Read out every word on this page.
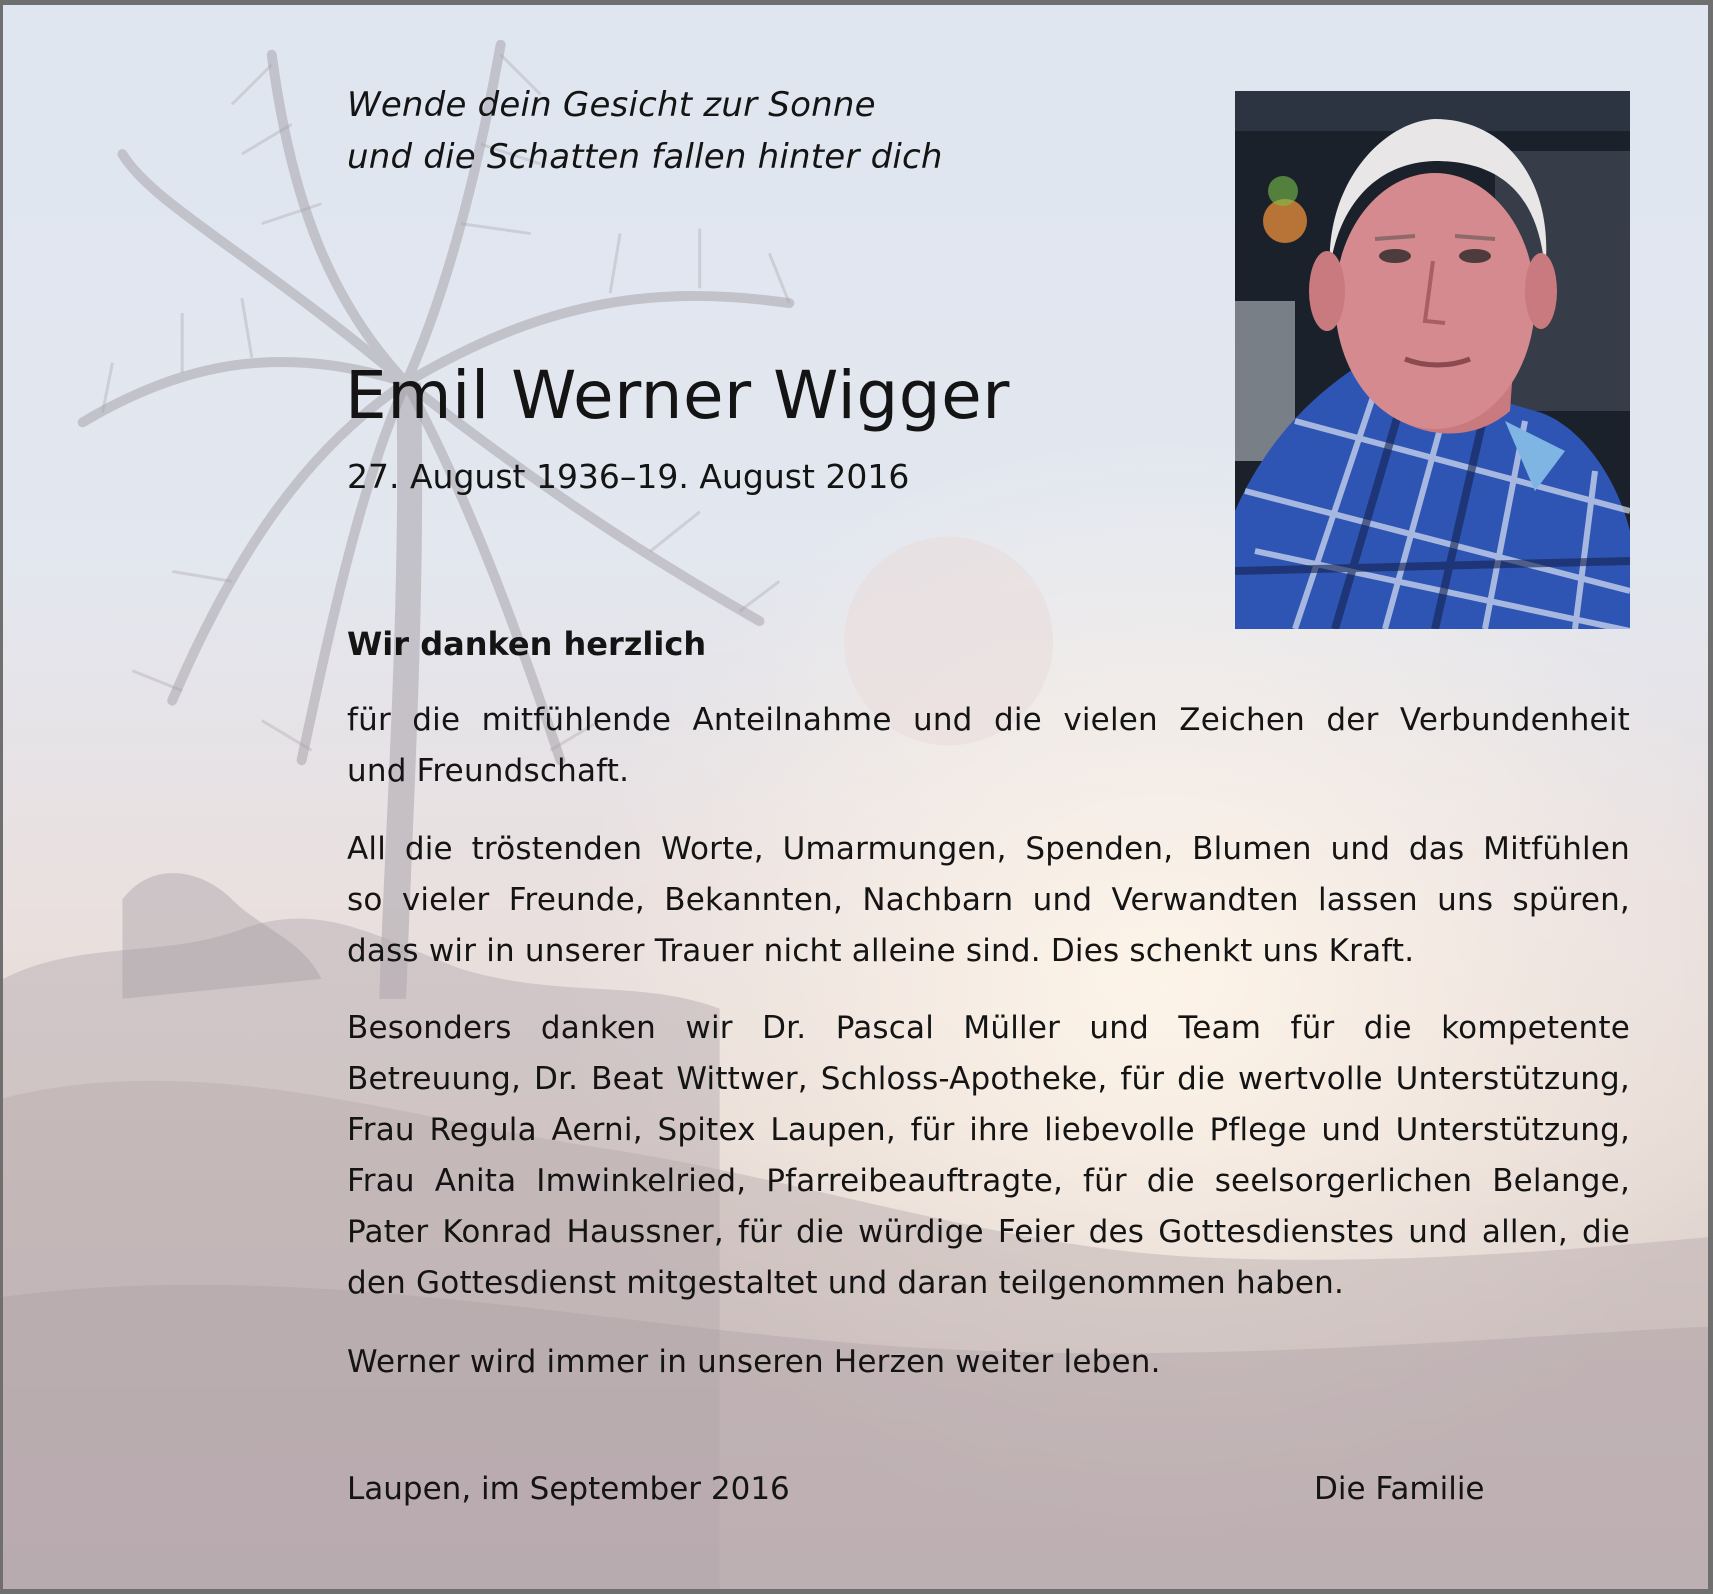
Wende dein Gesicht zur Sonne
und die Schatten fallen hinter dich
Emil Werner Wigger
27. August 1936–19. August 2016
Wir danken herzlich
für die mitfühlende Anteilnahme und die vielen Zeichen der Verbundenheit
und Freundschaft.
All die tröstenden Worte, Umarmungen, Spenden, Blumen und das Mitfühlen
so vieler Freunde, Bekannten, Nachbarn und Verwandten lassen uns spüren,
dass wir in unserer Trauer nicht alleine sind. Dies schenkt uns Kraft.
Besonders danken wir Dr. Pascal Müller und Team für die kompetente
Betreuung, Dr. Beat Wittwer, Schloss-Apotheke, für die wertvolle Unterstützung,
Frau Regula Aerni, Spitex Laupen, für ihre liebevolle Pflege und Unterstützung,
Frau Anita Imwinkelried, Pfarreibeauftragte, für die seelsorgerlichen Belange,
Pater Konrad Haussner, für die würdige Feier des Gottesdienstes und allen, die
den Gottesdienst mitgestaltet und daran teilgenommen haben.
Werner wird immer in unseren Herzen weiter leben.
Laupen, im September 2016	Die Familie
